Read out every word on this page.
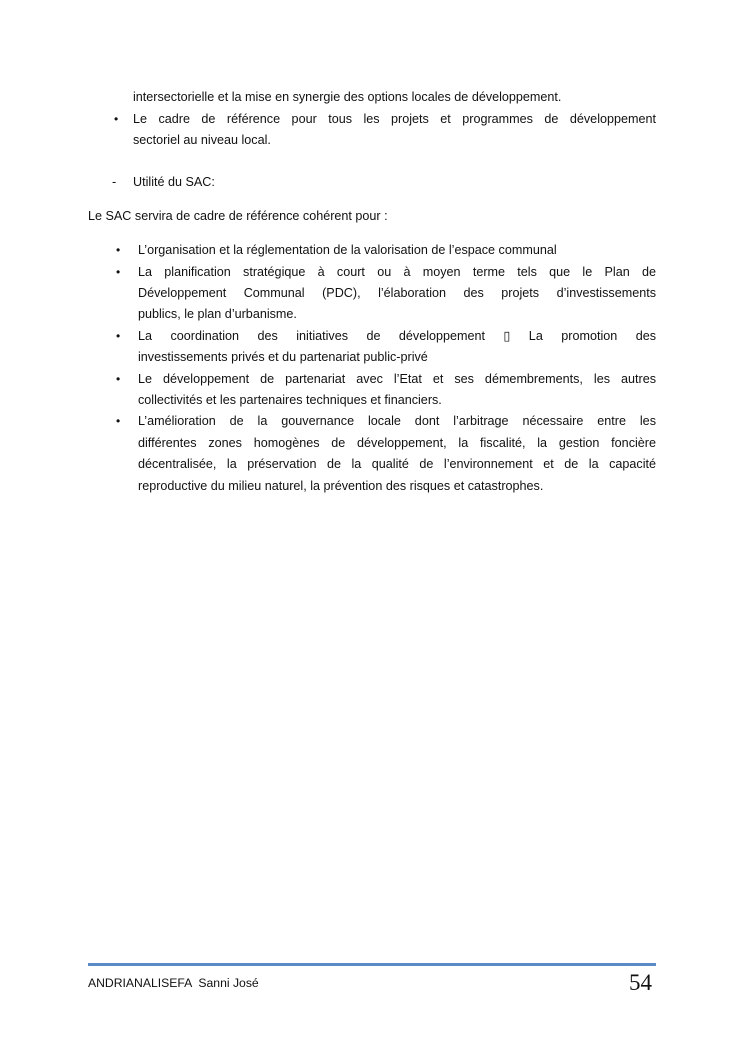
intersectorielle et la mise en synergie des options locales de développement.
• Le cadre de référence pour tous les projets et programmes de développement
sectoriel au niveau local.
- Utilité du SAC:
Le SAC servira de cadre de référence cohérent pour :
• L’organisation et la réglementation de la valorisation de l’espace communal
• La planification stratégique à court ou à moyen terme tels que le Plan de
Développement Communal (PDC), l’élaboration des projets d’investissements
publics, le plan d’urbanisme.
• La coordination des initiatives de développement ▯ La promotion des
investissements privés et du partenariat public-privé
• Le développement de partenariat avec l’Etat et ses démembrements, les autres
collectivités et les partenaires techniques et financiers.
• L’amélioration de la gouvernance locale dont l’arbitrage nécessaire entre les
différentes zones homogènes de développement, la fiscalité, la gestion foncière
décentralisée, la préservation de la qualité de l’environnement et de la capacité
reproductive du milieu naturel, la prévention des risques et catastrophes.
ANDRIANALISEFA  Sanni José	54
